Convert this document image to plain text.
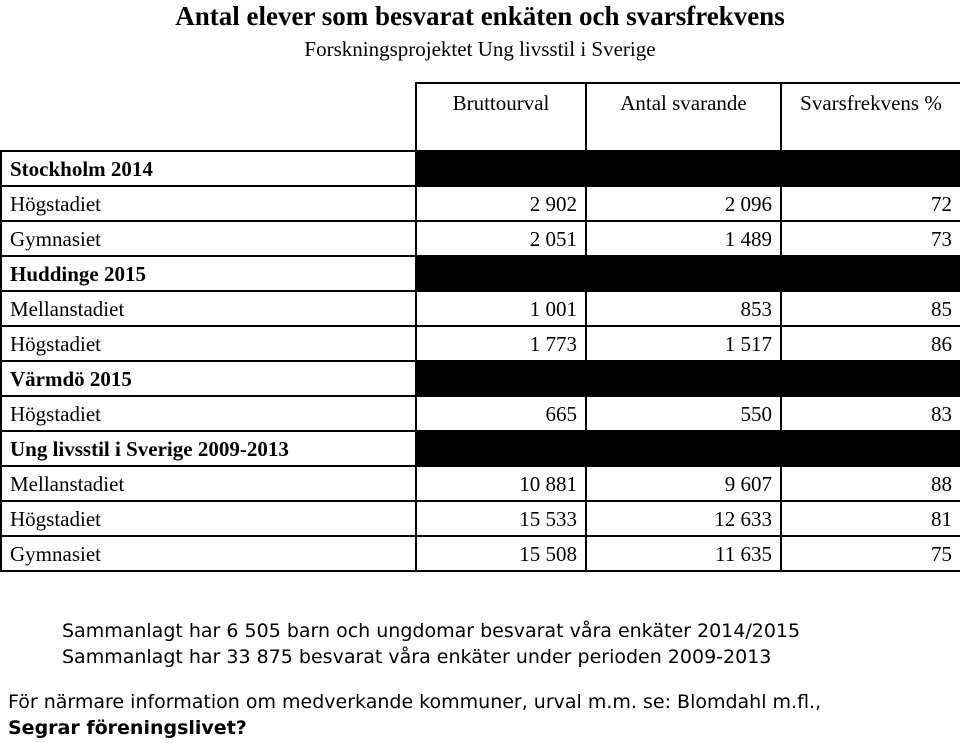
Antal elever som besvarat enkäten och svarsfrekvens
Forskningsprojektet Ung livsstil i Sverige
	Bruttourval	Antal svarande	Svarsfrekvens %
Stockholm 2014			
Högstadiet	2 902	2 096	72
Gymnasiet	2 051	1 489	73
Huddinge 2015			
Mellanstadiet	1 001	853	85
Högstadiet	1 773	1 517	86
Värmdö 2015			
Högstadiet	665	550	83
Ung livsstil i Sverige 2009-2013			
Mellanstadiet	10 881	9 607	88
Högstadiet	15 533	12 633	81
Gymnasiet	15 508	11 635	75
Sammanlagt har 6 505 barn och ungdomar besvarat våra enkäter 2014/2015
Sammanlagt har 33 875 besvarat våra enkäter under perioden 2009-2013
För närmare information om medverkande kommuner, urval m.m. se: Blomdahl m.fl.,
Segrar föreningslivet?
